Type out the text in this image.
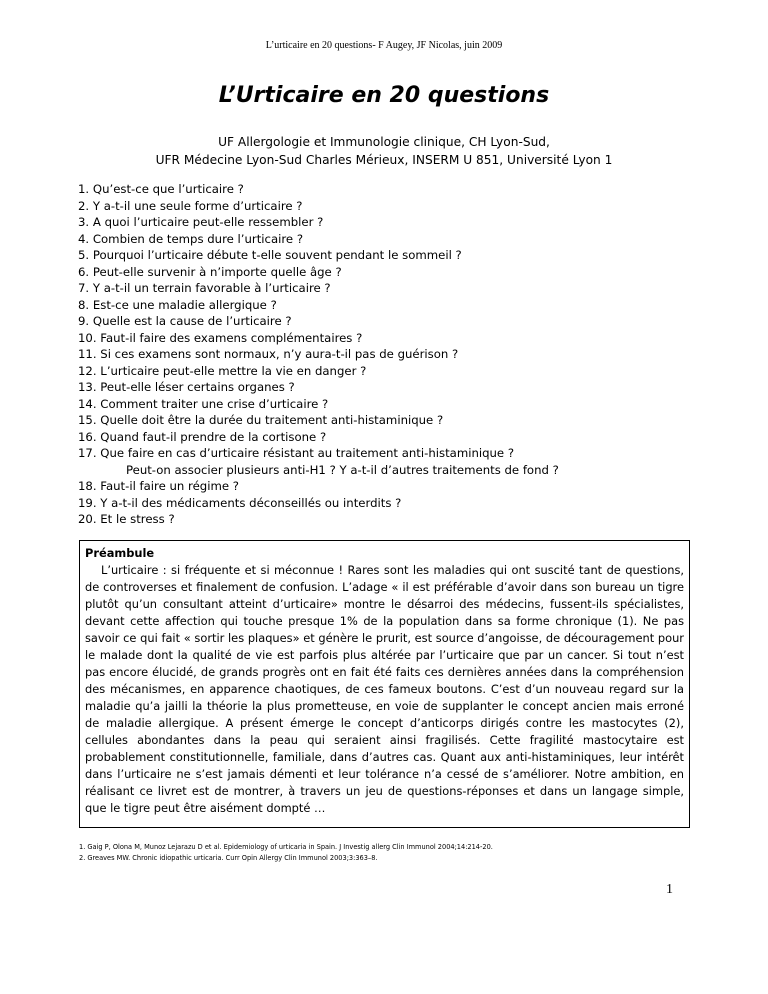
L’urticaire en 20 questions- F Augey, JF Nicolas, juin 2009
L’Urticaire en 20 questions
UF Allergologie et Immunologie clinique, CH Lyon-Sud,
UFR Médecine Lyon-Sud Charles Mérieux, INSERM U 851, Université Lyon 1
1. Qu’est-ce que l’urticaire ?
2. Y a-t-il une seule forme d’urticaire ?
3. A quoi l’urticaire peut-elle ressembler ?
4. Combien de temps dure l’urticaire ?
5. Pourquoi l’urticaire débute t-elle souvent pendant le sommeil ?
6. Peut-elle survenir à n’importe quelle âge ?
7. Y a-t-il un terrain favorable à l’urticaire ?
8. Est-ce une maladie allergique ?
9. Quelle est la cause de l’urticaire ?
10. Faut-il faire des examens complémentaires ?
11. Si ces examens sont normaux, n’y aura-t-il pas de guérison ?
12. L’urticaire peut-elle mettre la vie en danger ?
13. Peut-elle léser certains organes ?
14. Comment traiter une crise d’urticaire ?
15. Quelle doit être la durée du traitement anti-histaminique ?
16. Quand faut-il prendre de la cortisone ?
17. Que faire en cas d’urticaire résistant au traitement anti-histaminique ?
Peut-on associer plusieurs anti-H1 ? Y a-t-il d’autres traitements de fond ?
18. Faut-il faire un régime ?
19. Y a-t-il des médicaments déconseillés ou interdits ?
20. Et le stress ?

Préambule

L’urticaire : si fréquente et si méconnue ! Rares sont les maladies qui ont suscité tant de questions, de controverses et finalement de confusion. L’adage « il est préférable d’avoir dans son bureau un tigre plutôt qu’un consultant atteint d’urticaire» montre le désarroi des médecins, fussent-ils spécialistes, devant cette affection qui touche presque 1% de la population dans sa forme chronique (1). Ne pas savoir ce qui fait « sortir les plaques» et génère le prurit, est source d’angoisse, de découragement pour le malade dont la qualité de vie est parfois plus altérée par l’urticaire que par un cancer. Si tout n’est pas encore élucidé, de grands progrès ont en fait été faits ces dernières années dans la compréhension des mécanismes, en apparence chaotiques, de ces fameux boutons. C’est d’un nouveau regard sur la maladie qu’a jailli la théorie la plus prometteuse, en voie de supplanter le concept ancien mais erroné de maladie allergique. A présent émerge le concept d’anticorps dirigés contre les mastocytes (2), cellules abondantes dans la peau qui seraient ainsi fragilisés. Cette fragilité mastocytaire est probablement constitutionnelle, familiale, dans d’autres cas. Quant aux anti-histaminiques, leur intérêt dans l’urticaire ne s’est jamais démenti et leur tolérance n’a cessé de s’améliorer. Notre ambition, en réalisant ce livret est de montrer, à travers un jeu de questions-réponses et dans un langage simple, que le tigre peut être aisément dompté …

1. Gaig P, Olona M, Munoz Lejarazu D et al. Epidemiology of urticaria in Spain. J Investig allerg Clin Immunol 2004;14:214-20.
2. Greaves MW. Chronic idiopathic urticaria. Curr Opin Allergy Clin Immunol 2003;3:363–8.
1
